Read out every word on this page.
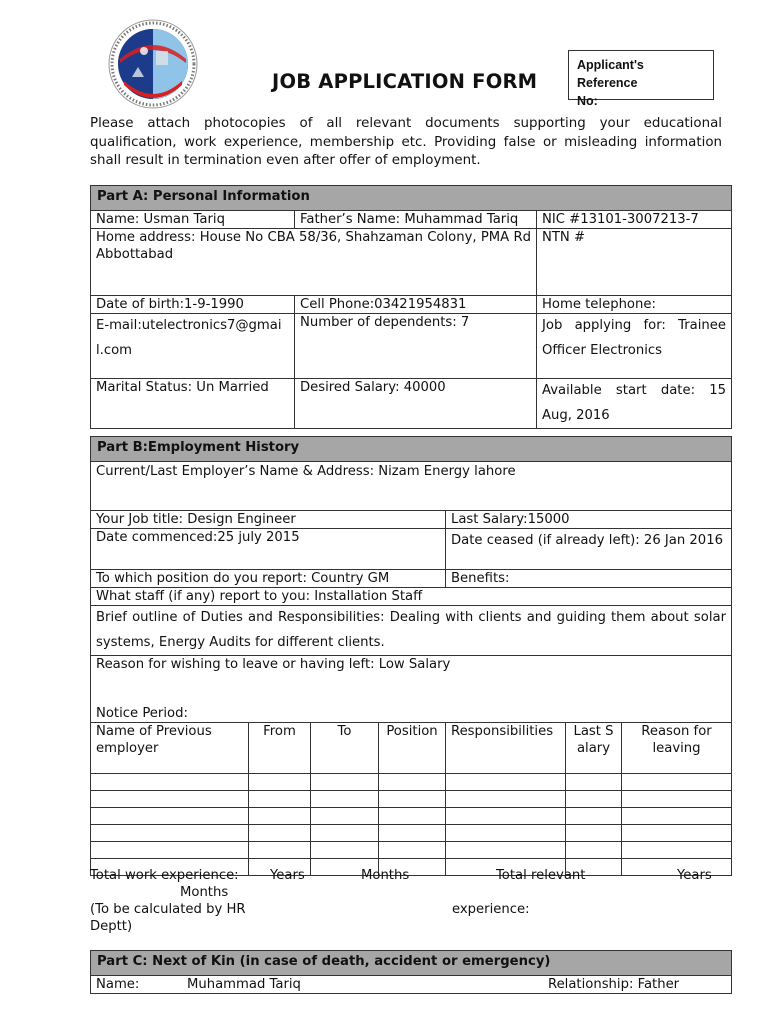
Applicant's Reference
No:
JOB APPLICATION FORM
Please attach photocopies of all relevant documents supporting your educational qualification, work experience, membership etc. Providing false or misleading information shall result in termination even after offer of employment.
Part A: Personal Information		
Name: Usman Tariq	Father’s Name: Muhammad Tariq	NIC #13101-3007213-7
Home address: House No CBA 58/36, Shahzaman Colony, PMA Rd Abbottabad		NTN #
Date of birth:1-9-1990	Cell Phone:03421954831	Home telephone:
E-mail:utelectronics7@gmail.com	Number of dependents: 7	Job applying for: Trainee Officer Electronics
Marital Status: Un Married	Desired Salary: 40000	Available start date: 15 Aug, 2016
Part B:Employment History						
Current/Last Employer’s Name & Address: Nizam Energy lahore						
Your Job title: Design Engineer				Last Salary:15000		
Date commenced:25 july 2015				Date ceased (if already left): 26 Jan 2016		
To which position do you report: Country GM				Benefits:		
What staff (if any) report to you: Installation Staff						
Brief outline of Duties and Responsibilities: Dealing with clients and guiding them about solar systems, Energy Audits for different clients.						

Reason for wishing to leave or having left: Low Salary
Notice Period:						

Name of Previous employer	From	To	Position	Responsibilities	Last Salary	Reason for leaving

Total work experience: Years	Months	Total relevant	Years
Months
(To be calculated by HR Deptt)
experience:
Part C: Next of Kin (in case of death, accident or emergency)
Name:	Muhammad Tariq	Relationship: Father
